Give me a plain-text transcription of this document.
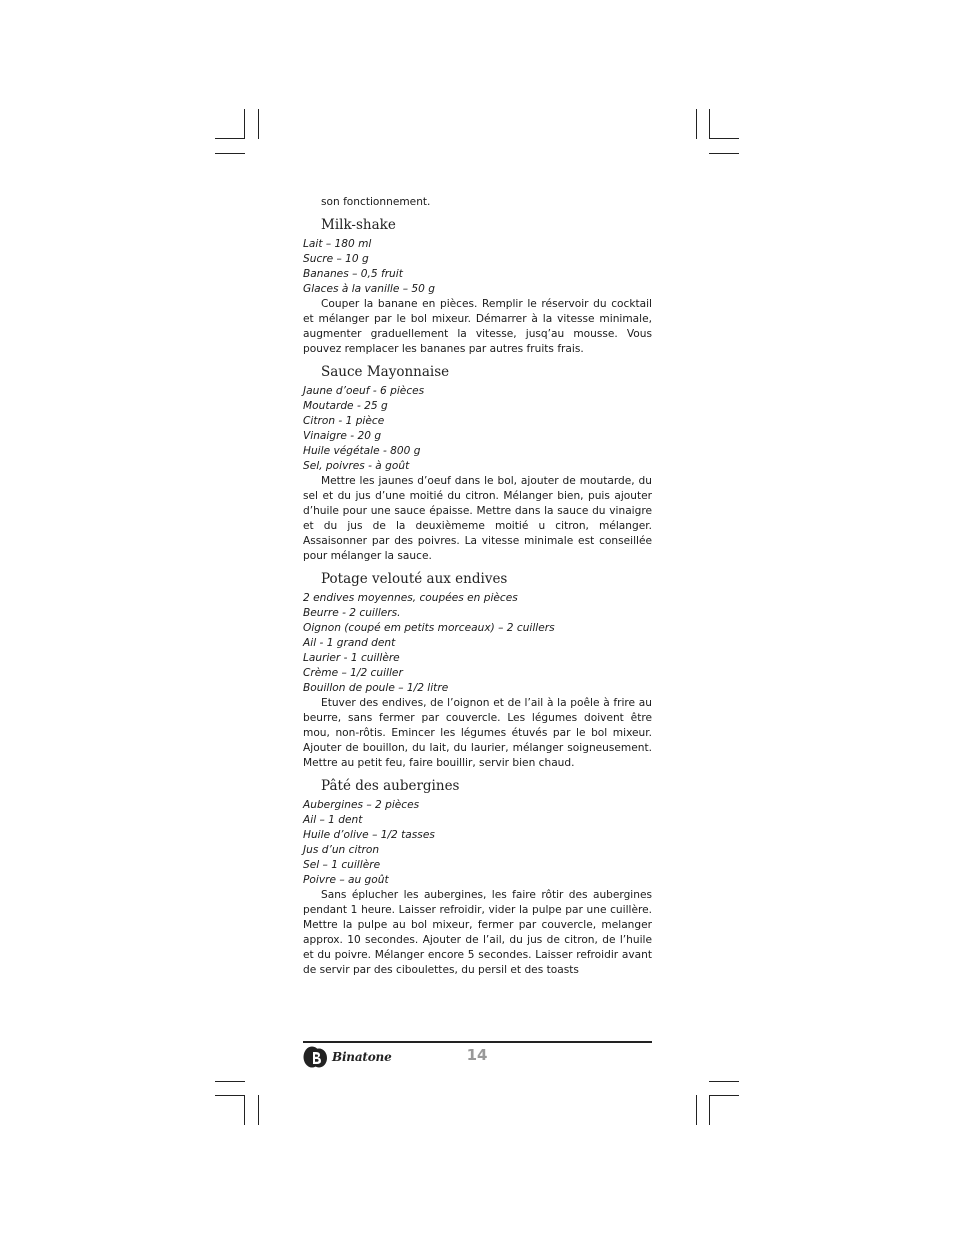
son fonctionnement.

Milk-shake
Lait – 180 ml
Sucre – 10 g
Bananes – 0,5 fruit
Glaces à la vanille – 50 g

Couper la banane en pièces. Remplir le réservoir du cocktail et mélanger par le bol mixeur. Démarrer à la vitesse minimale, augmenter graduellement la vitesse, jusq’au mousse. Vous pouvez remplacer les bananes par autres fruits frais.

Sauce Mayonnaise
Jaune d’oeuf - 6 pièces
Moutarde - 25 g
Citron - 1 pièce
Vinaigre - 20 g
Huile végétale - 800 g
Sel, poivres - à goût

Mettre les jaunes d’oeuf dans le bol, ajouter de moutarde, du sel et du jus d’une moitié du citron. Mélanger bien, puis ajouter d’huile pour une sauce épaisse. Mettre dans la sauce du vinaigre et du jus de la deuxièmeme moitié u citron, mélanger. Assaisonner par des poivres. La vitesse minimale est conseillée pour mélanger la sauce.

Potage velouté aux endives
2 endives moyennes, coupées en pièces
Beurre - 2 cuillers.
Oignon (coupé em petits morceaux) – 2 cuillers
Ail - 1 grand dent
Laurier - 1 cuillère
Crème – 1/2 cuiller
Bouillon de poule – 1/2 litre

Etuver des endives, de l’oignon et de l’ail à la poêle à frire au beurre, sans fermer par couvercle. Les légumes doivent être mou, non-rôtis. Emincer les légumes étuvés par le bol mixeur. Ajouter de bouillon, du lait, du laurier, mélanger soigneusement. Mettre au petit feu, faire bouillir, servir bien chaud.

Pâté des aubergines
Aubergines – 2 pièces
Ail – 1 dent
Huile d’olive – 1/2 tasses
Jus d’un citron
Sel – 1 cuillère
Poivre – au goût

Sans éplucher les aubergines, les faire rôtir des aubergines pendant 1 heure. Laisser refroidir, vider la pulpe par une cuillère. Mettre la pulpe au bol mixeur, fermer par couvercle, melanger approx. 10 secondes. Ajouter de l’ail, du jus de citron, de l’huile et du poivre. Mélanger encore 5 secondes. Laisser refroidir avant de servir par des ciboulettes, du persil et des toasts

Binatone	14
